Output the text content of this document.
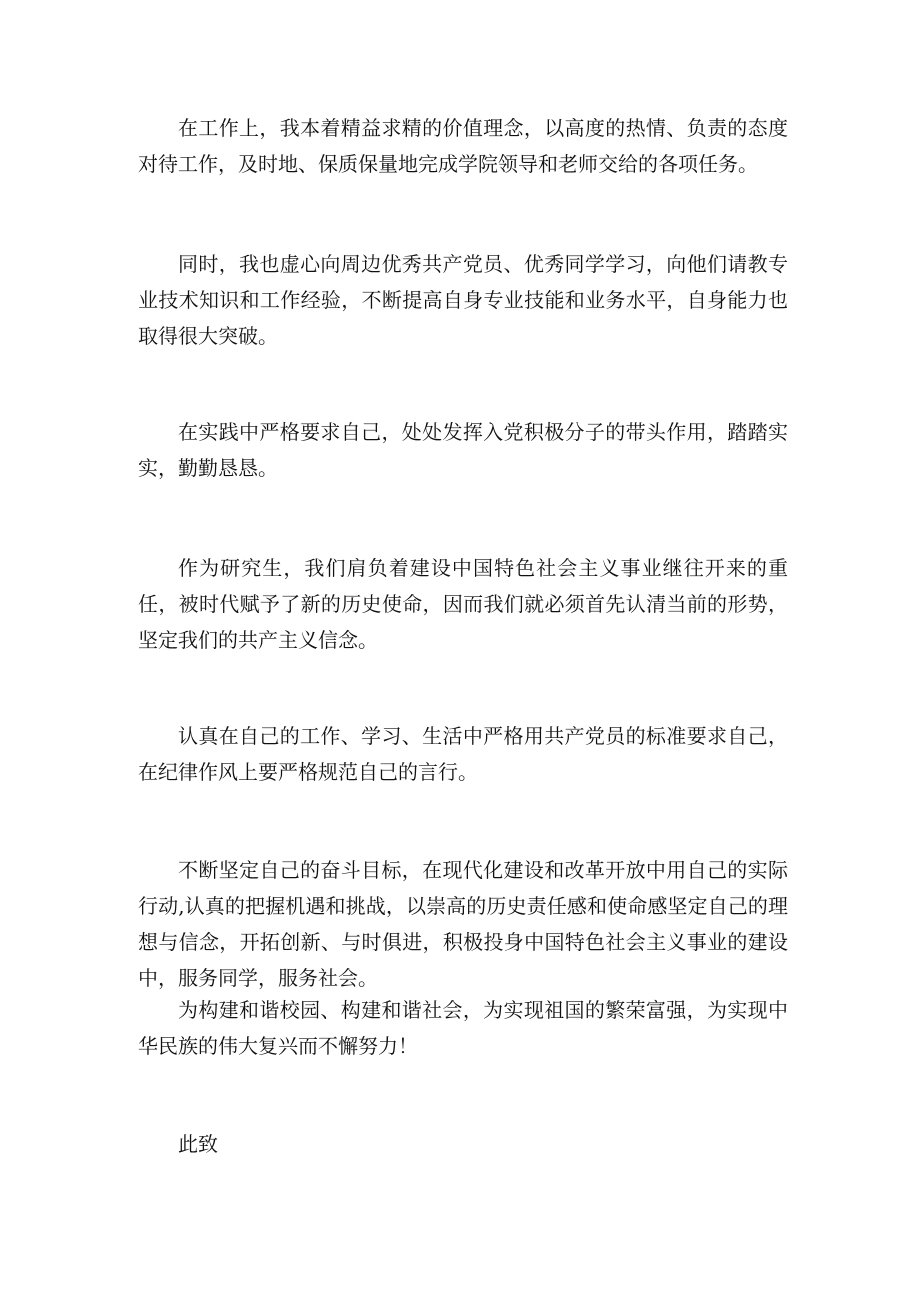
在工作上，我本着精益求精的价值理念，以高度的热情、负责的态度对待工作，及时地、保质保量地完成学院领导和老师交给的各项任务。

同时，我也虚心向周边优秀共产党员、优秀同学学习，向他们请教专业技术知识和工作经验，不断提高自身专业技能和业务水平，自身能力也取得很大突破。

在实践中严格要求自己，处处发挥入党积极分子的带头作用，踏踏实实，勤勤恳恳。

作为研究生，我们肩负着建设中国特色社会主义事业继往开来的重任，被时代赋予了新的历史使命，因而我们就必须首先认清当前的形势，坚定我们的共产主义信念。

认真在自己的工作、学习、生活中严格用共产党员的标准要求自己，在纪律作风上要严格规范自己的言行。

不断坚定自己的奋斗目标，在现代化建设和改革开放中用自己的实际行动,认真的把握机遇和挑战，以崇高的历史责任感和使命感坚定自己的理想与信念，开拓创新、与时俱进，积极投身中国特色社会主义事业的建设中，服务同学，服务社会。

为构建和谐校园、构建和谐社会，为实现祖国的繁荣富强，为实现中华民族的伟大复兴而不懈努力！

此致
